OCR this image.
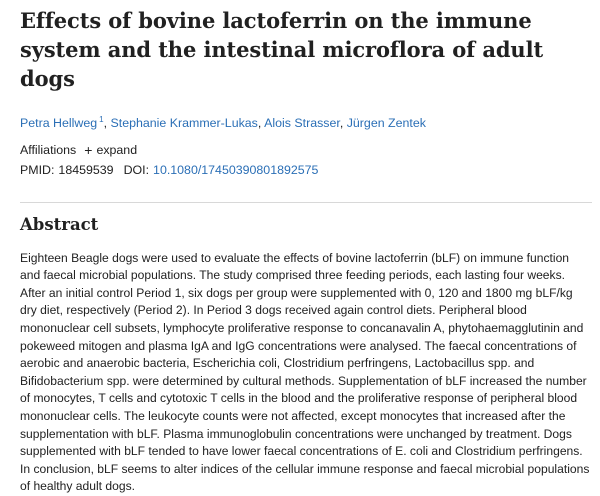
Effects of bovine lactoferrin on the immune system and the intestinal microflora of adult dogs
Petra Hellweg $^1$, Stephanie Krammer-Lukas, Alois Strasser, Jürgen Zentek
Affiliations + expand
PMID: 18459539 DOI: 10.1080/17450390801892575
Abstract
Eighteen Beagle dogs were used to evaluate the effects of bovine lactoferrin (bLF) on immune function and faecal microbial populations. The study comprised three feeding periods, each lasting four weeks. After an initial control Period 1, six dogs per group were supplemented with 0, 120 and 1800 mg bLF/kg dry diet, respectively (Period 2). In Period 3 dogs received again control diets. Peripheral blood mononuclear cell subsets, lymphocyte proliferative response to concanavalin A, phytohaemagglutinin and pokeweed mitogen and plasma IgA and IgG concentrations were analysed. The faecal concentrations of aerobic and anaerobic bacteria, Escherichia coli, Clostridium perfringens, Lactobacillus spp. and Bifidobacterium spp. were determined by cultural methods. Supplementation of bLF increased the number of monocytes, T cells and cytotoxic T cells in the blood and the proliferative response of peripheral blood mononuclear cells. The leukocyte counts were not affected, except monocytes that increased after the supplementation with bLF. Plasma immunoglobulin concentrations were unchanged by treatment. Dogs supplemented with bLF tended to have lower faecal concentrations of E. coli and Clostridium perfringens. In conclusion, bLF seems to alter indices of the cellular immune response and faecal microbial populations of healthy adult dogs.
